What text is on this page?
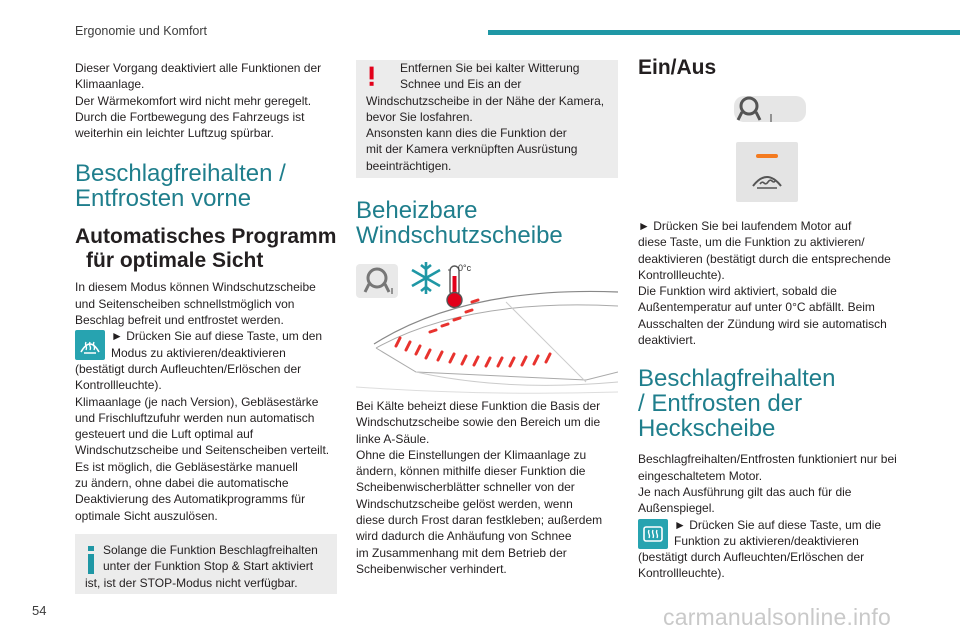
Ergonomie und Komfort
Dieser Vorgang deaktiviert alle Funktionen der
Klimaanlage.
Der Wärmekomfort wird nicht mehr geregelt.
Durch die Fortbewegung des Fahrzeugs ist
weiterhin ein leichter Luftzug spürbar.
Beschlagfreihalten /
Entfrosten vorne
Automatisches Programm
für optimale Sicht
In diesem Modus können Windschutzscheibe
und Seitenscheiben schnellstmöglich von
Beschlag befreit und entfrostet werden.
► Drücken Sie auf diese Taste, um den
Modus zu aktivieren/deaktivieren
(bestätigt durch Aufleuchten/Erlöschen der
Kontrollleuchte).
Klimaanlage (je nach Version), Gebläsestärke
und Frischluftzufuhr werden nun automatisch
gesteuert und die Luft optimal auf
Windschutzscheibe und Seitenscheiben verteilt.
Es ist möglich, die Gebläsestärke manuell
zu ändern, ohne dabei die automatische
Deaktivierung des Automatikprogramms für
optimale Sicht auszulösen.
Solange die Funktion Beschlagfreihalten
unter der Funktion Stop & Start aktiviert
ist, ist der STOP-Modus nicht verfügbar.
Entfernen Sie bei kalter Witterung
Schnee und Eis an der
Windschutzscheibe in der Nähe der Kamera,
bevor Sie losfahren.
Ansonsten kann dies die Funktion der
mit der Kamera verknüpften Ausrüstung
beeinträchtigen.
Beheizbare
Windschutzscheibe
0°c
Bei Kälte beheizt diese Funktion die Basis der
Windschutzscheibe sowie den Bereich um die
linke A-Säule.
Ohne die Einstellungen der Klimaanlage zu
ändern, können mithilfe dieser Funktion die
Scheibenwischerblätter schneller von der
Windschutzscheibe gelöst werden, wenn
diese durch Frost daran festkleben; außerdem
wird dadurch die Anhäufung von Schnee
im Zusammenhang mit dem Betrieb der
Scheibenwischer verhindert.
Ein/Aus
► Drücken Sie bei laufendem Motor auf
diese Taste, um die Funktion zu aktivieren/
deaktivieren (bestätigt durch die entsprechende
Kontrollleuchte).
Die Funktion wird aktiviert, sobald die
Außentemperatur auf unter 0°C abfällt. Beim
Ausschalten der Zündung wird sie automatisch
deaktiviert.
Beschlagfreihalten
/ Entfrosten der
Heckscheibe
Beschlagfreihalten/Entfrosten funktioniert nur bei
eingeschaltetem Motor.
Je nach Ausführung gilt das auch für die
Außenspiegel.
► Drücken Sie auf diese Taste, um die
Funktion zu aktivieren/deaktivieren
(bestätigt durch Aufleuchten/Erlöschen der
Kontrollleuchte).
54	carmanualsonline.info
